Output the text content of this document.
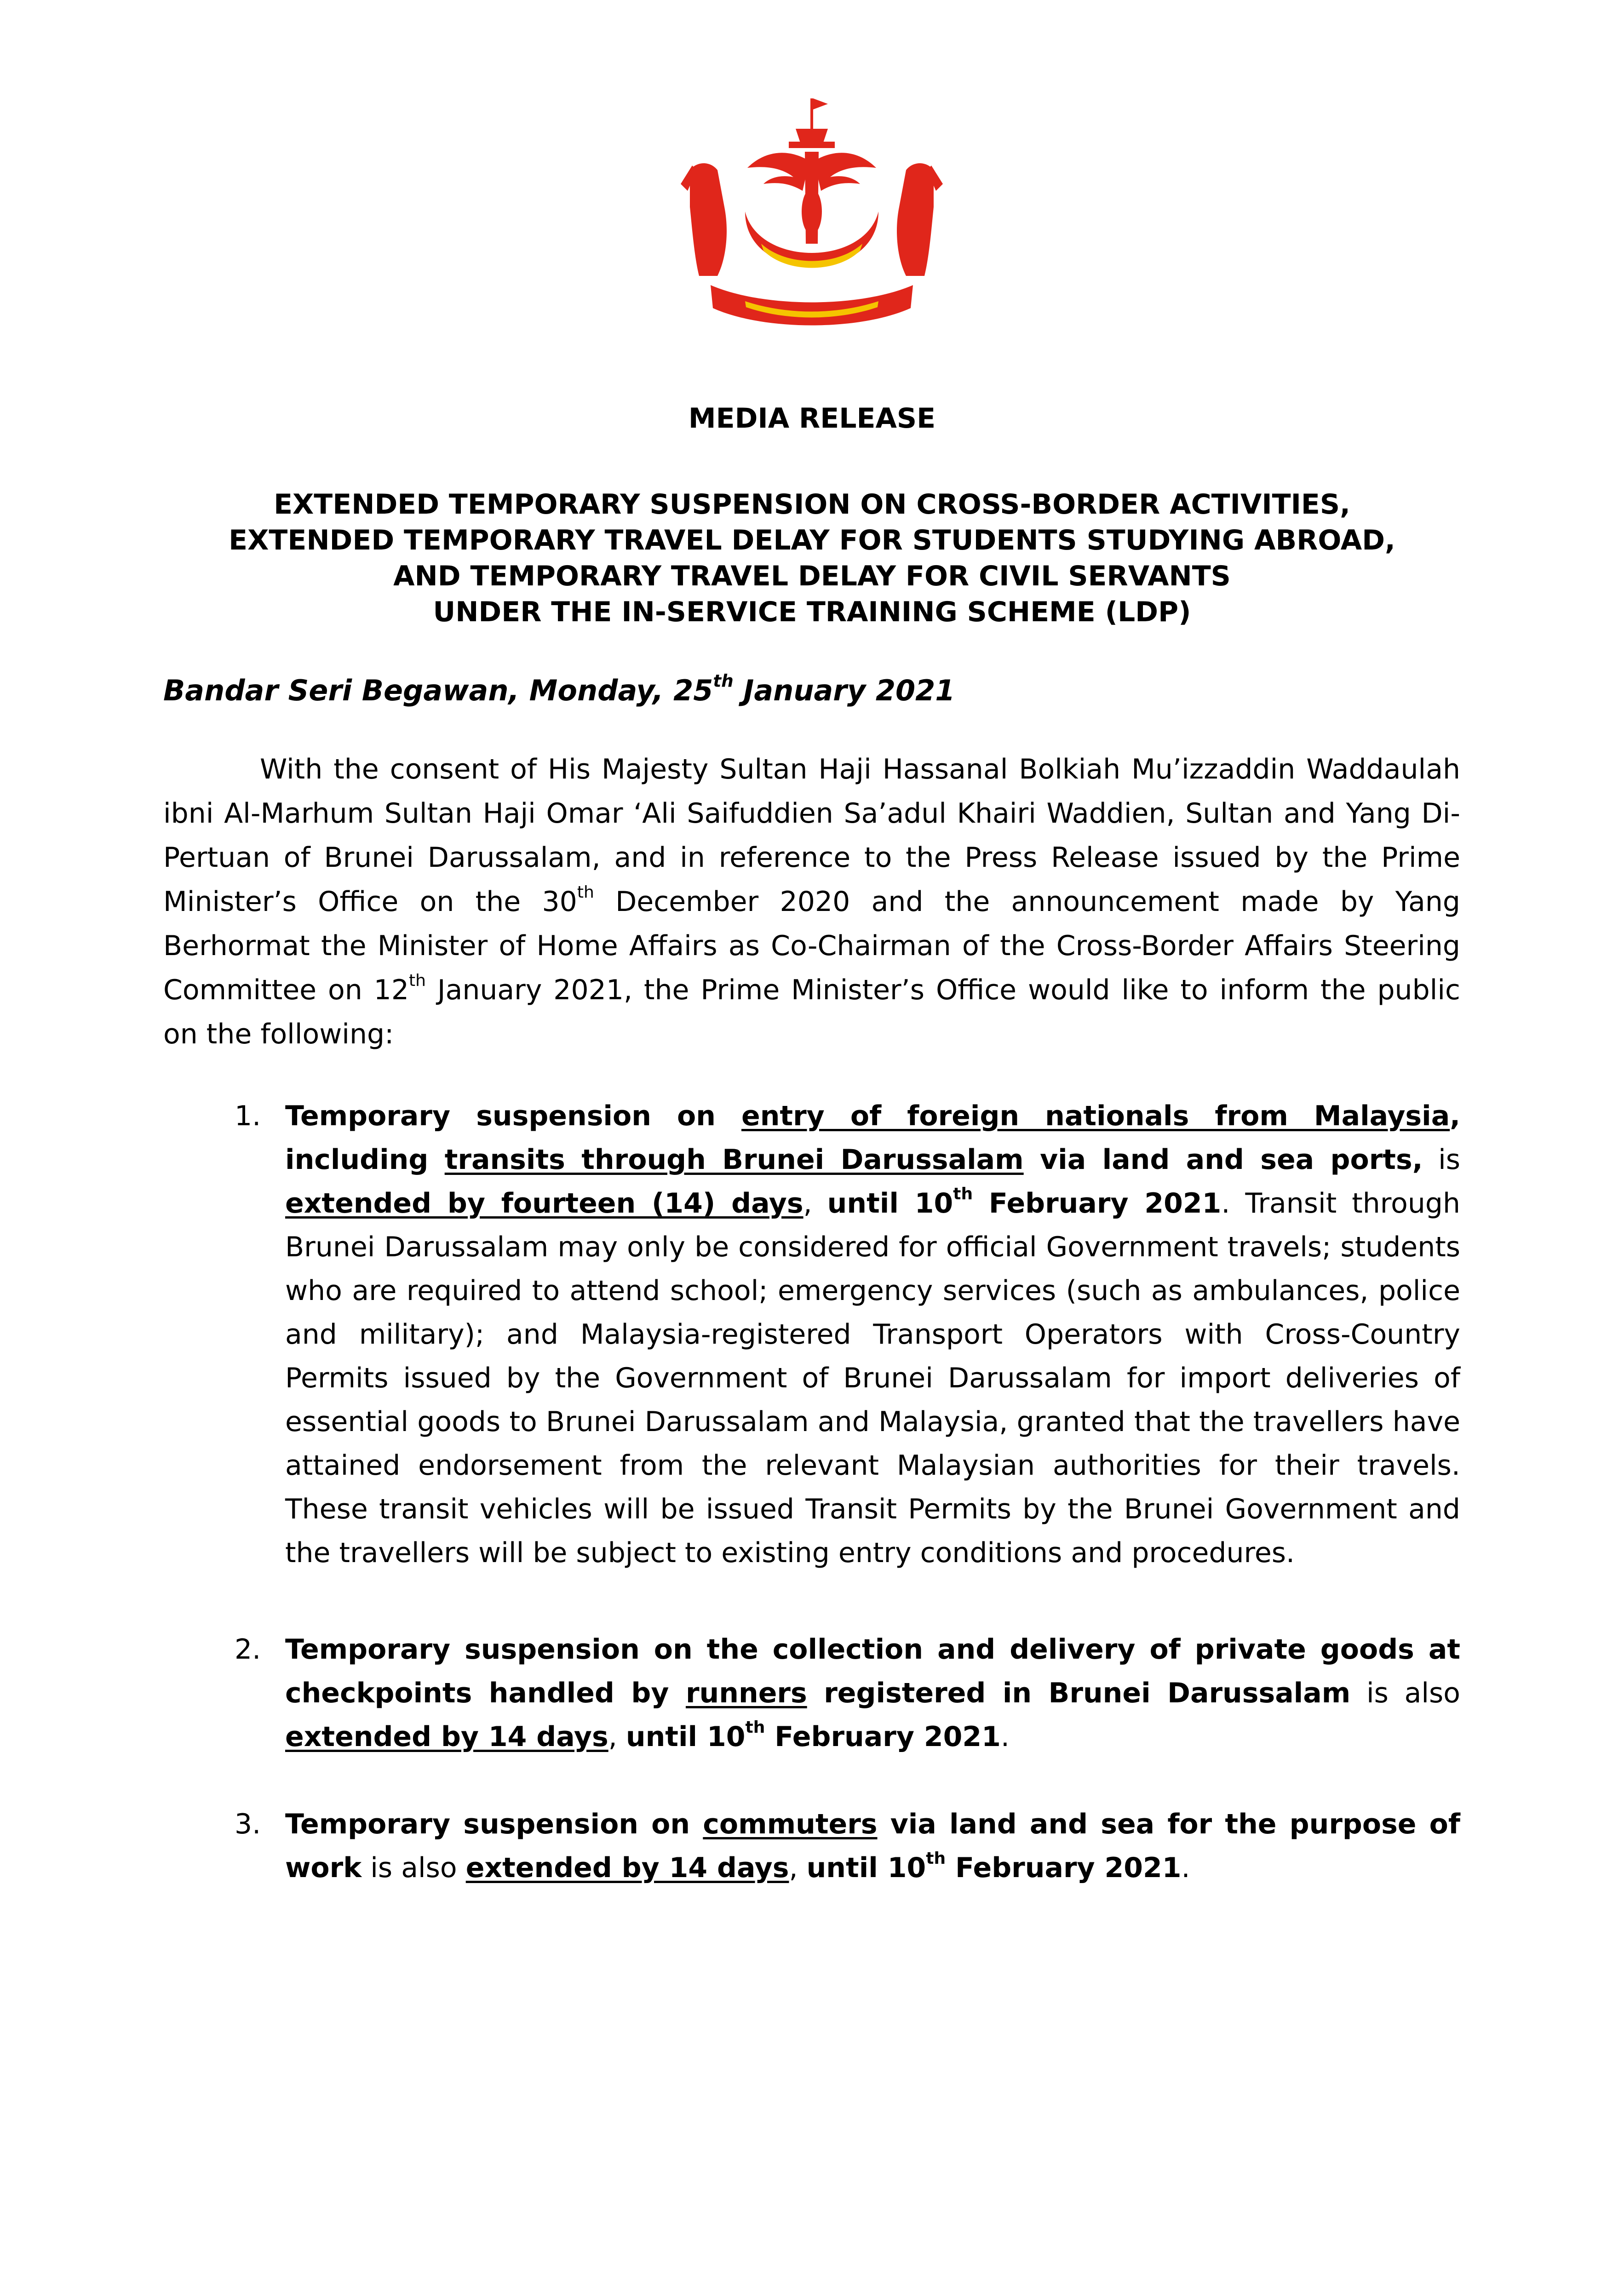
MEDIA RELEASE
EXTENDED TEMPORARY SUSPENSION ON CROSS-BORDER ACTIVITIES,
EXTENDED TEMPORARY TRAVEL DELAY FOR STUDENTS STUDYING ABROAD,
AND TEMPORARY TRAVEL DELAY FOR CIVIL SERVANTS
UNDER THE IN-SERVICE TRAINING SCHEME (LDP)
Bandar Seri Begawan, Monday, 25th January 2021
With the consent of His Majesty Sultan Haji Hassanal Bolkiah Mu’izzaddin Waddaulah ibni Al-Marhum Sultan Haji Omar ‘Ali Saifuddien Sa’adul Khairi Waddien, Sultan and Yang Di-Pertuan of Brunei Darussalam, and in reference to the Press Release issued by the Prime Minister’s Office on the 30th December 2020 and the announcement made by Yang Berhormat the Minister of Home Affairs as Co-Chairman of the Cross-Border Affairs Steering Committee on 12th January 2021, the Prime Minister’s Office would like to inform the public on the following:
1. Temporary suspension on entry of foreign nationals from Malaysia, including transits through Brunei Darussalam via land and sea ports, is extended by fourteen (14) days, until 10th February 2021. Transit through Brunei Darussalam may only be considered for official Government travels; students who are required to attend school; emergency services (such as ambulances, police and military); and Malaysia-registered Transport Operators with Cross-Country Permits issued by the Government of Brunei Darussalam for import deliveries of essential goods to Brunei Darussalam and Malaysia, granted that the travellers have attained endorsement from the relevant Malaysian authorities for their travels. These transit vehicles will be issued Transit Permits by the Brunei Government and the travellers will be subject to existing entry conditions and procedures.
2. Temporary suspension on the collection and delivery of private goods at checkpoints handled by runners registered in Brunei Darussalam is also extended by 14 days, until 10th February 2021.
3. Temporary suspension on commuters via land and sea for the purpose of work is also extended by 14 days, until 10th February 2021.
